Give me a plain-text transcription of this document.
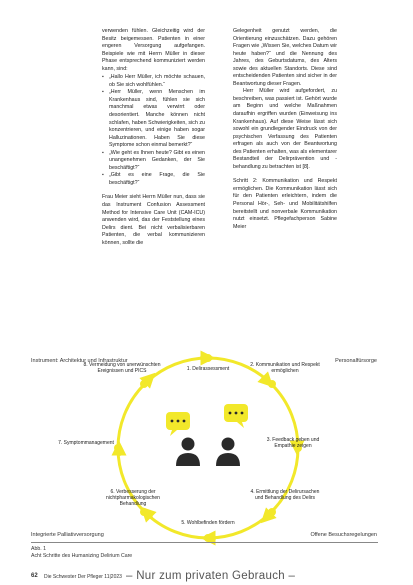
verwenden fühlen. Gleichzeitig wird der Besitz beigemessen. Patienten in einer engeren Versorgung aufgefangen. Beispiele wie mit Herrn Müller in dieser Phase entsprechend kommuniziert werden kann, sind:

▪ „Hallo Herr Müller, ich möchte schauen, ob Sie sich wohlfühlen.“
▪ „Herr Müller, wenn Menschen im Krankenhaus sind, fühlen sie sich manchmal etwas verwirrt oder desorientiert. Manche können nicht schlafen, haben Schwierigkeiten, sich zu konzentrieren, und einige haben sogar Halluzinationen. Haben Sie diese Symptome schon einmal bemerkt?“
▪ „Wie geht es Ihnen heute? Gibt es einen unangenehmen Gedanken, der Sie beschäftigt?“
▪ „Gibt es eine Frage, die Sie beschäftigt?“

Frau Meier sieht Herrn Müller nun, dass sie das Instrument Confusion Assessment Method for Intensive Care Unit (CAM-ICU) anwenden wird, das der Feststellung eines Delirs dient. Bei nicht verbalisierbaren Patienten, die verbal kommunizieren können, sollte die

Gelegenheit genutzt werden, die Orientierung einzuschätzen. Dazu gehören Fragen wie „Wissen Sie, welches Datum wir heute haben?“ und die Nennung des Jahres, des Geburtsdatums, des Alters sowie des aktuellen Standorts. Diese sind entscheidenden Patienten sind sicher in der Beantwortung dieser Fragen.

Herr Müller wird aufgefordert, zu beschreiben, was passiert ist. Gehört wurde am Beginn und welche Maßnahmen daraufhin ergriffen wurden (Einweisung ins Krankenhaus). Auf diese Weise lässt sich sowohl ein grundlegender Eindruck von der psychischen Verfassung des Patienten erfragen als auch von der Beantwortung des Patienten erhalten, was als elementarer Bestandteil der Delirprävention und -behandlung zu betrachten ist [8].

Schritt 2: Kommunikation und Respekt ermöglichen. Die Kommunikation lässt sich für den Patienten erleichtern, indem die Personal Hör-, Seh- und Mobilitätshilfen bereitstellt und nonverbale Kommunikation nutzt einsetzt. Pflegefachperson Sabine Meier

Instrument: Architektur und Infrastruktur	Personalfürsorge
Integrierte Palliativversorgung	Offene Besuchsregelungen
1. Delirassessment
2. Kommunikation und Respekt ermöglichen
3. Feedback geben und Empathie zeigen
4. Ermittlung der Delirursachen und Behandlung des Delirs
5. Wohlbefinden fördern
6. Verbesserung der nichtpharmakologischen Behandlung
7. Symptommanagement
8. Vermeidung von unerwünschten Ereignissen und PICS
Abb. 1
Acht Schritte des Humanizing Delirium Care
62 Die Schwester Der Pfleger 11|2023 – Nur zum privaten Gebrauch –
